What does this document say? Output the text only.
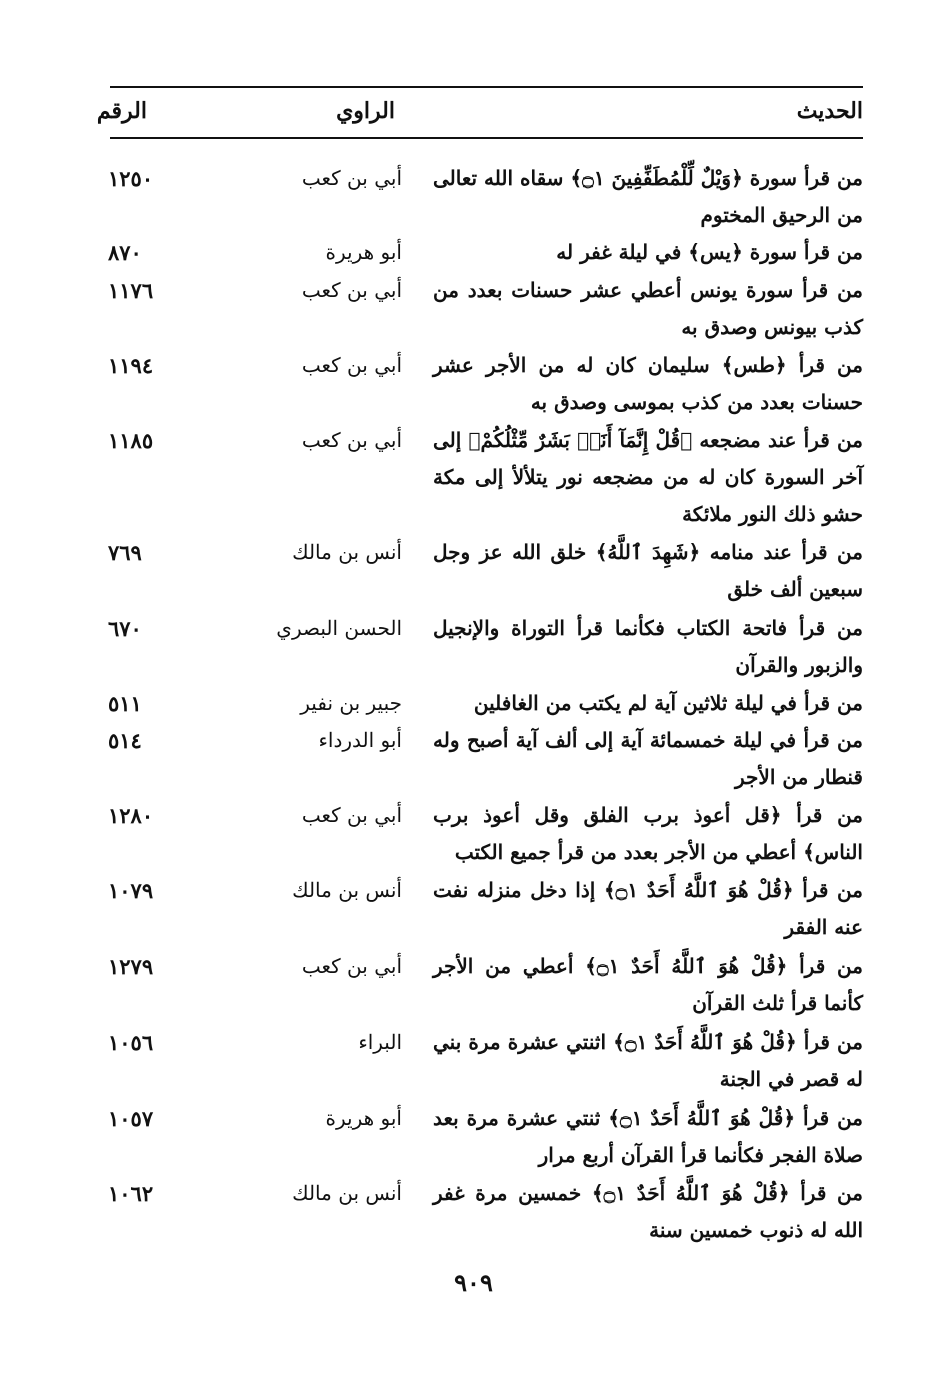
الحديث
الراوي
الرقم
من قرأ سورة ﴿وَيْلٌ لِّلْمُطَفِّفِينَ ۝١﴾ سقاه الله تعالى من الرحيق المختوم
أبي بن كعب
١٢٥٠
من قرأ سورة ﴿يس﴾ في ليلة غفر له
أبو هريرة
٨٧٠
من قرأ سورة يونس أعطي عشر حسنات بعدد من كذب بيونس وصدق به
أبي بن كعب
١١٧٦
من قرأ ﴿طس﴾ سليمان كان له من الأجر عشر حسنات بعدد من كذب بموسى وصدق به
أبي بن كعب
١١٩٤
من قرأ عند مضجعه ﴿قُلْ إِنَّمَآ أَنَا۠ بَشَرٌ مِّثْلُكُمْ﴾ إلى آخر السورة كان له من مضجعه نور يتلألأ إلى مكة حشو ذلك النور ملائكة
أبي بن كعب
١١٨٥
من قرأ عند منامه ﴿شَهِدَ ٱللَّهُ﴾ خلق الله عز وجل سبعين ألف خلق
أنس بن مالك
٧٦٩
من قرأ فاتحة الكتاب فكأنما قرأ التوراة والإنجيل والزبور والقرآن
الحسن البصري
٦٧٠
من قرأ في ليلة ثلاثين آية لم يكتب من الغافلين
جبير بن نفير
٥١١
من قرأ في ليلة خمسمائة آية إلى ألف آية أصبح وله قنطار من الأجر
أبو الدرداء
٥١٤
من قرأ ﴿قل أعوذ برب الفلق وقل أعوذ برب الناس﴾ أعطي من الأجر بعدد من قرأ جميع الكتب
أبي بن كعب
١٢٨٠
من قرأ ﴿قُلْ هُوَ ٱللَّهُ أَحَدٌ ۝١﴾ إذا دخل منزله نفت عنه الفقر
أنس بن مالك
١٠٧٩
من قرأ ﴿قُلْ هُوَ ٱللَّهُ أَحَدٌ ۝١﴾ أعطي من الأجر كأنما قرأ ثلث القرآن
أبي بن كعب
١٢٧٩
من قرأ ﴿قُلْ هُوَ ٱللَّهُ أَحَدٌ ۝١﴾ اثنتي عشرة مرة بني له قصر في الجنة
البراء
١٠٥٦
من قرأ ﴿قُلْ هُوَ ٱللَّهُ أَحَدٌ ۝١﴾ ثنتي عشرة مرة بعد صلاة الفجر فكأنما قرأ القرآن أربع مرار
أبو هريرة
١٠٥٧
من قرأ ﴿قُلْ هُوَ ٱللَّهُ أَحَدٌ ۝١﴾ خمسين مرة غفر الله له ذنوب خمسين سنة
أنس بن مالك
١٠٦٢
٩٠٩
